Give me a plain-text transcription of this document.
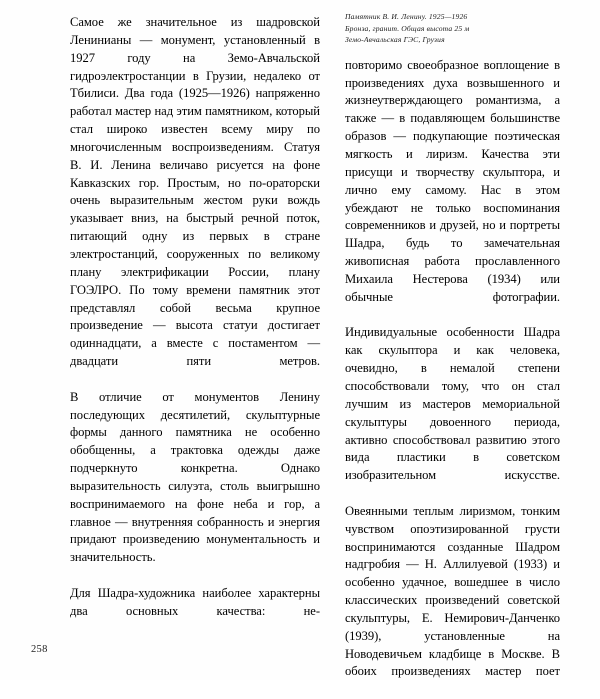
Самое же значительное из шадровской Ленинианы — монумент, установленный в 1927 году на Земо-Авчальской гидроэлектростанции в Грузии, недалеко от Тбилиси. Два года (1925—1926) напряженно работал мастер над этим памятником, который стал широко известен всему миру по многочисленным воспроизведениям. Статуя В. И. Ленина величаво рисуется на фоне Кавказских гор. Простым, но по-ораторски очень выразительным жестом руки вождь указывает вниз, на быстрый речной поток, питающий одну из первых в стране электростанций, сооруженных по великому плану электрификации России, плану ГОЭЛРО. По тому времени памятник этот представлял собой весьма крупное произведение — высота статуи достигает одиннадцати, а вместе с постаментом — двадцати пяти метров.

В отличие от монументов Ленину последующих десятилетий, скульптурные формы данного памятника не особенно обобщенны, а трактовка одежды даже подчеркнуто конкретна. Однако выразительность силуэта, столь выигрышно воспринимаемого на фоне неба и гор, а главное — внутренняя собранность и энергия придают произведению монументальность и значительность.

Для Шадра-художника наиболее характерны два основных качества: не-

Памятник В. И. Ленину. 1925—1926
Бронза, гранит. Общая высота 25 м
Земо-Авчальская ГЭС, Грузия

повторимо своеобразное воплощение в произведениях духа возвышенного и жизнеутверждающего романтизма, а также — в подавляющем большинстве образов — подкупающие поэтическая мягкость и лиризм. Качества эти присущи и творчеству скульптора, и лично ему самому. Нас в этом убеждают не только воспоминания современников и друзей, но и портреты Шадра, будь то замечательная живописная работа прославленного Михаила Нестерова (1934) или обычные фотографии.

Индивидуальные особенности Шадра как скульптора и как человека, очевидно, в немалой степени способствовали тому, что он стал лучшим из мастеров мемориальной скульптуры довоенного периода, активно способствовал развитию этого вида пластики в советском изобразительном искусстве.

Овеянными теплым лиризмом, тонким чувством опоэтизированной грусти воспринимаются созданные Шадром надгробия — Н. Аллилуевой (1933) и особенно удачное, вошедшее в число классических произведений советской скульптуры, Е. Немирович-Данченко (1939), установленные на Новодевичьем кладбище в Москве. В обоих произведениях мастер поет

258
